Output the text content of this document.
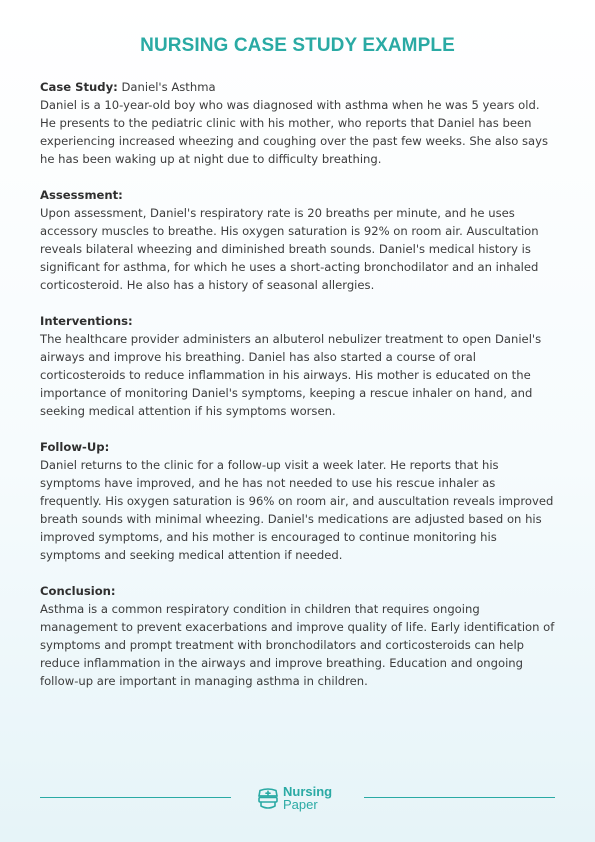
NURSING CASE STUDY EXAMPLE
Case Study: Daniel's Asthma

Daniel is a 10-year-old boy who was diagnosed with asthma when he was 5 years old. He presents to the pediatric clinic with his mother, who reports that Daniel has been experiencing increased wheezing and coughing over the past few weeks. She also says he has been waking up at night due to difficulty breathing.

Assessment:

Upon assessment, Daniel's respiratory rate is 20 breaths per minute, and he uses accessory muscles to breathe. His oxygen saturation is 92% on room air. Auscultation reveals bilateral wheezing and diminished breath sounds. Daniel's medical history is significant for asthma, for which he uses a short-acting bronchodilator and an inhaled corticosteroid. He also has a history of seasonal allergies.

Interventions:

The healthcare provider administers an albuterol nebulizer treatment to open Daniel's airways and improve his breathing. Daniel has also started a course of oral corticosteroids to reduce inflammation in his airways. His mother is educated on the importance of monitoring Daniel's symptoms, keeping a rescue inhaler on hand, and seeking medical attention if his symptoms worsen.

Follow-Up:

Daniel returns to the clinic for a follow-up visit a week later. He reports that his symptoms have improved, and he has not needed to use his rescue inhaler as frequently. His oxygen saturation is 96% on room air, and auscultation reveals improved breath sounds with minimal wheezing. Daniel's medications are adjusted based on his improved symptoms, and his mother is encouraged to continue monitoring his symptoms and seeking medical attention if needed.

Conclusion:

Asthma is a common respiratory condition in children that requires ongoing management to prevent exacerbations and improve quality of life. Early identification of symptoms and prompt treatment with bronchodilators and corticosteroids can help reduce inflammation in the airways and improve breathing. Education and ongoing follow-up are important in managing asthma in children.

Nursing
Paper
